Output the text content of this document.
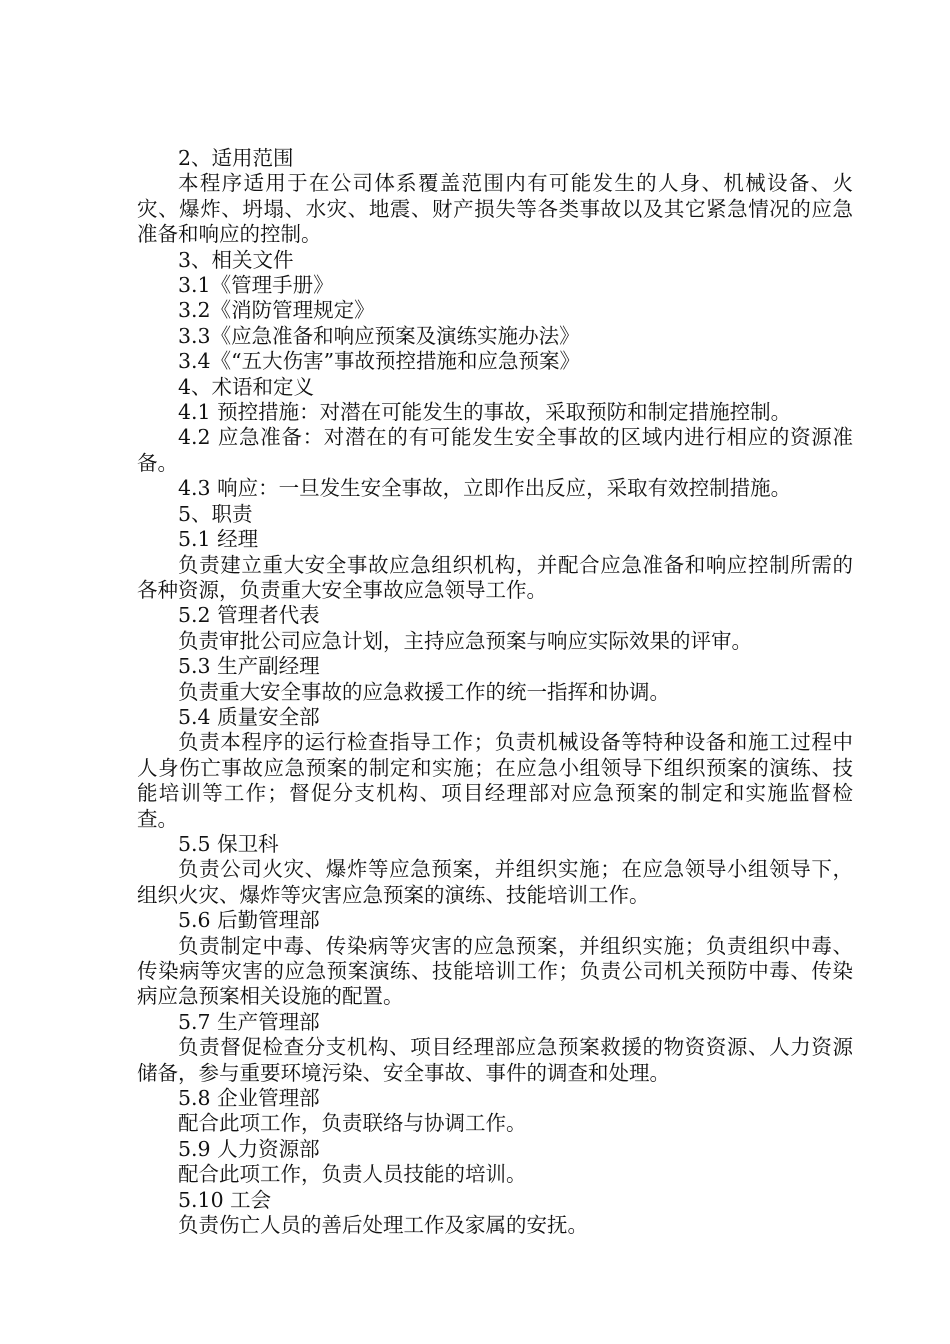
2、适用范围

本程序适用于在公司体系覆盖范围内有可能发生的人身、机械设备、火灾、爆炸、坍塌、水灾、地震、财产损失等各类事故以及其它紧急情况的应急准备和响应的控制。

3、相关文件

3.1《管理手册》

3.2《消防管理规定》

3.3《应急准备和响应预案及演练实施办法》

3.4《“五大伤害”事故预控措施和应急预案》

4、术语和定义

4.1 预控措施：对潜在可能发生的事故，采取预防和制定措施控制。

4.2 应急准备：对潜在的有可能发生安全事故的区域内进行相应的资源准备。

4.3 响应：一旦发生安全事故，立即作出反应，采取有效控制措施。

5、职责

5.1 经理

负责建立重大安全事故应急组织机构，并配合应急准备和响应控制所需的各种资源，负责重大安全事故应急领导工作。

5.2 管理者代表

负责审批公司应急计划，主持应急预案与响应实际效果的评审。

5.3 生产副经理

负责重大安全事故的应急救援工作的统一指挥和协调。

5.4 质量安全部

负责本程序的运行检查指导工作；负责机械设备等特种设备和施工过程中人身伤亡事故应急预案的制定和实施；在应急小组领导下组织预案的演练、技能培训等工作；督促分支机构、项目经理部对应急预案的制定和实施监督检查。

5.5 保卫科

负责公司火灾、爆炸等应急预案，并组织实施；在应急领导小组领导下，组织火灾、爆炸等灾害应急预案的演练、技能培训工作。

5.6 后勤管理部

负责制定中毒、传染病等灾害的应急预案，并组织实施；负责组织中毒、传染病等灾害的应急预案演练、技能培训工作；负责公司机关预防中毒、传染病应急预案相关设施的配置。

5.7 生产管理部

负责督促检查分支机构、项目经理部应急预案救援的物资资源、人力资源储备，参与重要环境污染、安全事故、事件的调查和处理。

5.8 企业管理部

配合此项工作，负责联络与协调工作。

5.9 人力资源部

配合此项工作，负责人员技能的培训。

5.10 工会

负责伤亡人员的善后处理工作及家属的安抚。
